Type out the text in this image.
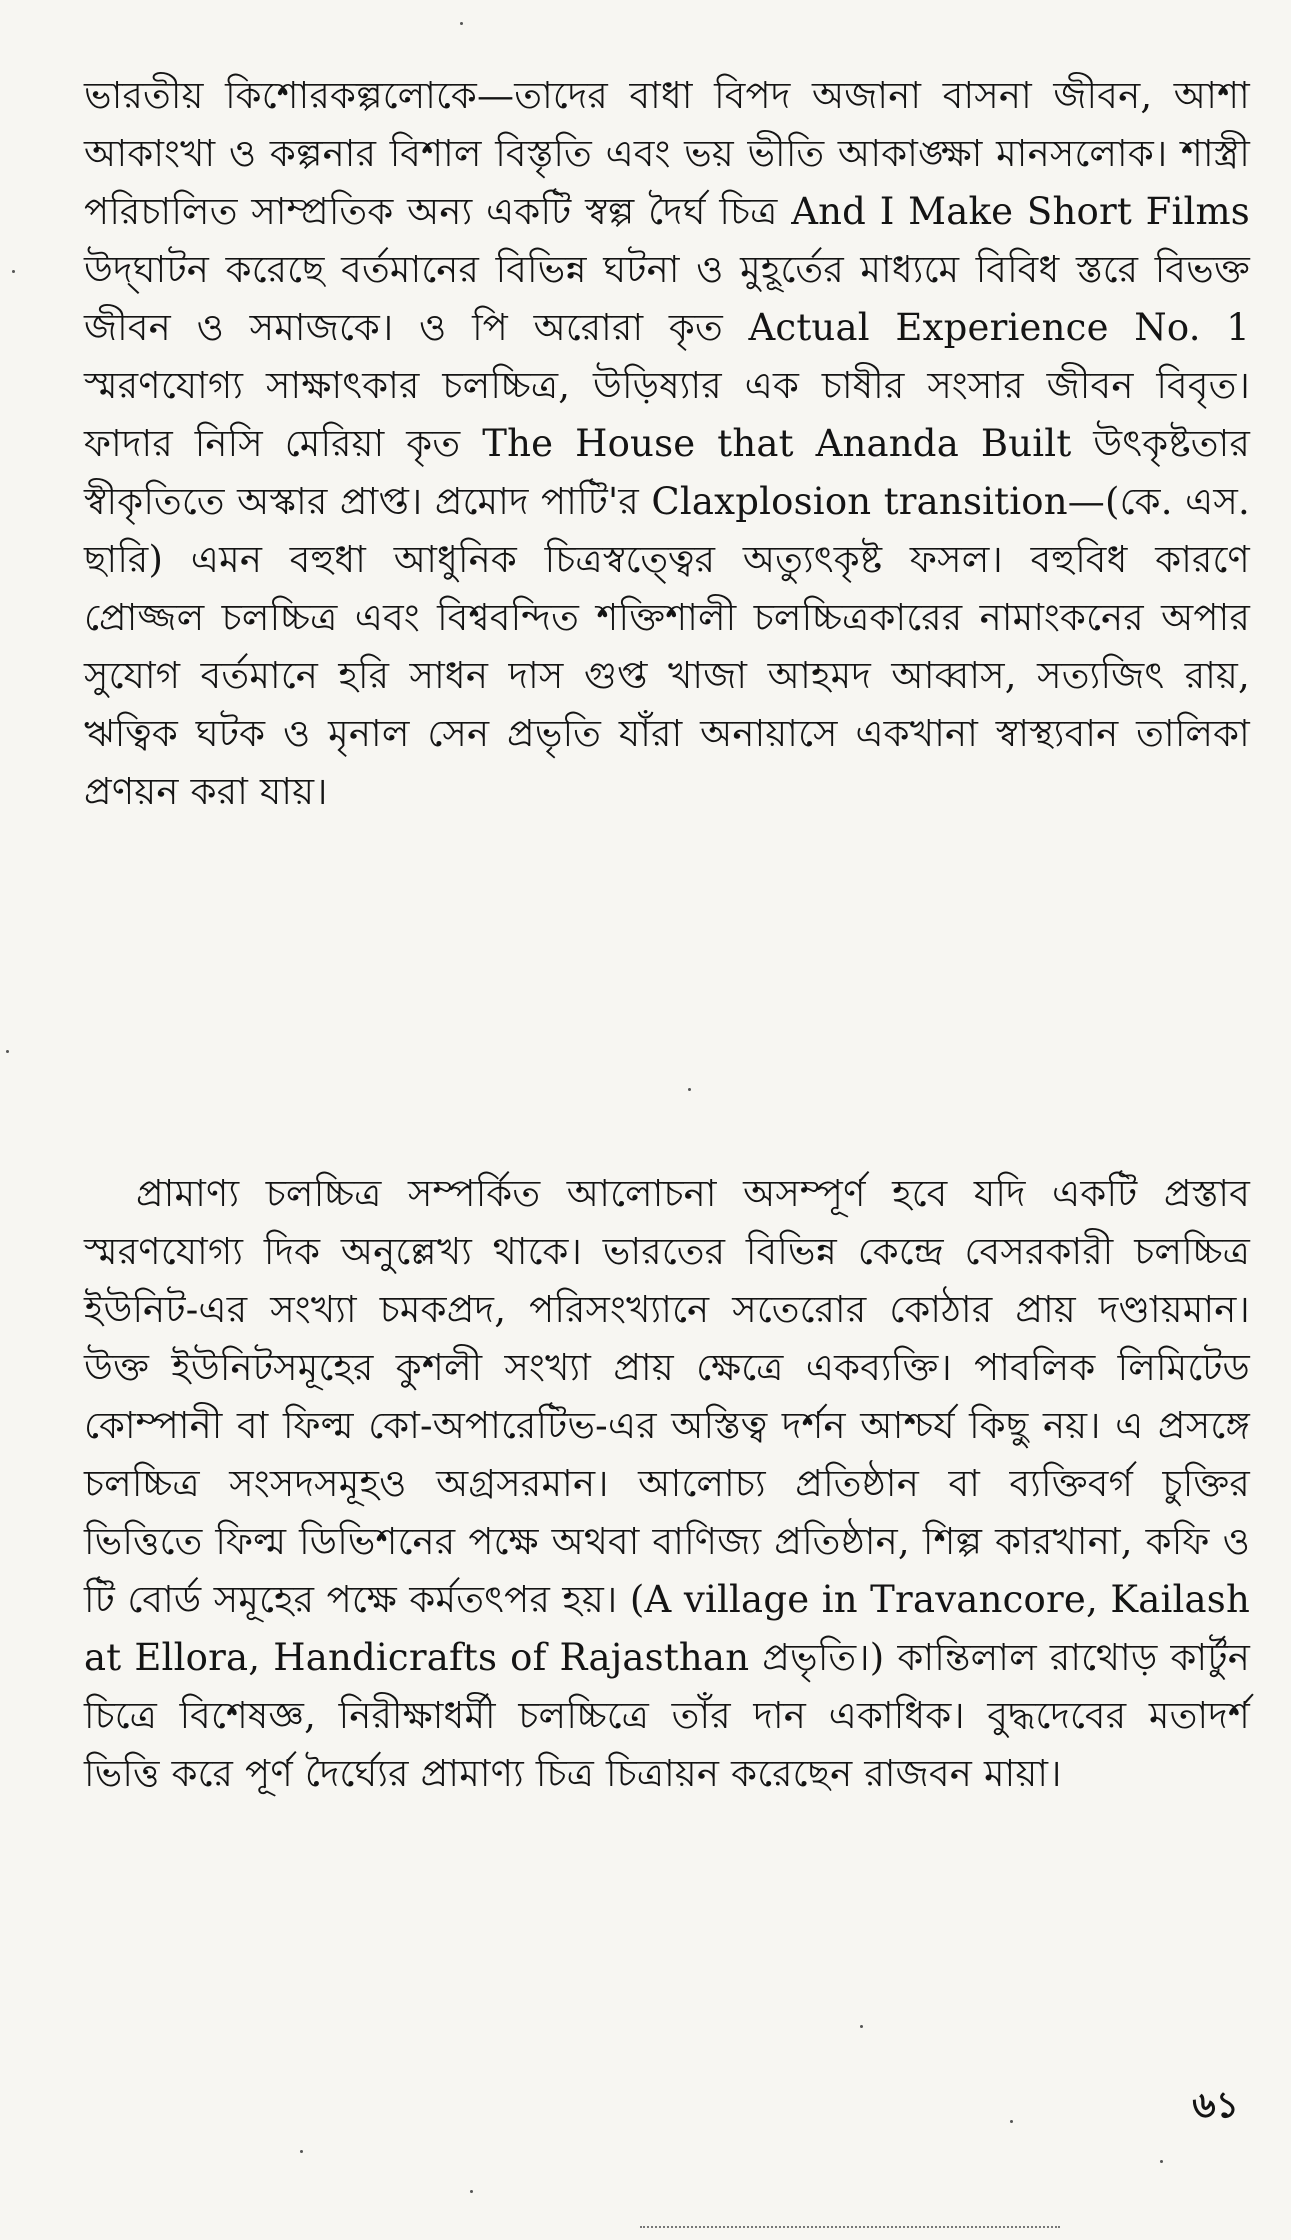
ভারতীয় কিশোরকল্পলোকে—তাদের বাধা বিপদ অজানা বাসনা জীবন, আশা আকাংখা ও কল্পনার বিশাল বিস্তৃতি এবং ভয় ভীতি আকাঙ্ক্ষা মানসলোক। শাস্ত্রী পরিচালিত সাম্প্রতিক অন্য একটি স্বল্প দৈর্ঘ চিত্র And I Make Short Films উদ্‌ঘাটন করেছে বর্তমানের বিভিন্ন ঘটনা ও মুহূর্তের মাধ্যমে বিবিধ স্তরে বিভক্ত জীবন ও সমাজকে। ও পি অরোরা কৃত Actual Experience No. 1 স্মরণযোগ্য সাক্ষাৎকার চলচ্চিত্র, উড়িষ্যার এক চাষীর সংসার জীবন বিবৃত। ফাদার নিসি মেরিয়া কৃত The House that Ananda Built উৎকৃষ্টতার স্বীকৃতিতে অস্কার প্রাপ্ত। প্রমোদ পাটি'র Claxplosion transition—(কে. এস. ছারি) এমন বহুধা আধুনিক চিত্রস্বত্ত্বের অত্যুৎকৃষ্ট ফসল। বহুবিধ কারণে প্রোজ্জল চলচ্চিত্র এবং বিশ্ববন্দিত শক্তিশালী চলচ্চিত্রকারের নামাংকনের অপার সুযোগ বর্তমানে হরি সাধন দাস গুপ্ত খাজা আহমদ আব্বাস, সত্যজিৎ রায়, ঋত্বিক ঘটক ও মৃনাল সেন প্রভৃতি যাঁরা অনায়াসে একখানা স্বাস্থ্যবান তালিকা প্রণয়ন করা যায়।

প্রামাণ্য চলচ্চিত্র সম্পর্কিত আলোচনা অসম্পূর্ণ হবে যদি একটি প্রস্তাব স্মরণযোগ্য দিক অনুল্লেখ্য থাকে। ভারতের বিভিন্ন কেন্দ্রে বেসরকারী চলচ্চিত্র ইউনিট-এর সংখ্যা চমকপ্রদ, পরিসংখ্যানে সতেরোর কোঠার প্রায় দণ্ডায়মান। উক্ত ইউনিটসমূহের কুশলী সংখ্যা প্রায় ক্ষেত্রে একব্যক্তি। পাবলিক লিমিটেড কোম্পানী বা ফিল্ম কো-অপারেটিভ-এর অস্তিত্ব দর্শন আশ্চর্য কিছু নয়। এ প্রসঙ্গে চলচ্চিত্র সংসদসমূহও অগ্রসরমান। আলোচ্য প্রতিষ্ঠান বা ব্যক্তিবর্গ চুক্তির ভিত্তিতে ফিল্ম ডিভিশনের পক্ষে অথবা বাণিজ্য প্রতিষ্ঠান, শিল্প কারখানা, কফি ও টি বোর্ড সমূহের পক্ষে কর্মতৎপর হয়। (A village in Travancore, Kailash at Ellora, Handicrafts of Rajasthan প্রভৃতি।) কান্তিলাল রাথোড় কার্টুন চিত্রে বিশেষজ্ঞ, নিরীক্ষাধর্মী চলচ্চিত্রে তাঁর দান একাধিক। বুদ্ধদেবের মতাদর্শ ভিত্তি করে পূর্ণ দৈর্ঘ্যের প্রামাণ্য চিত্র চিত্রায়ন করেছেন রাজবন মায়া।

৬১
